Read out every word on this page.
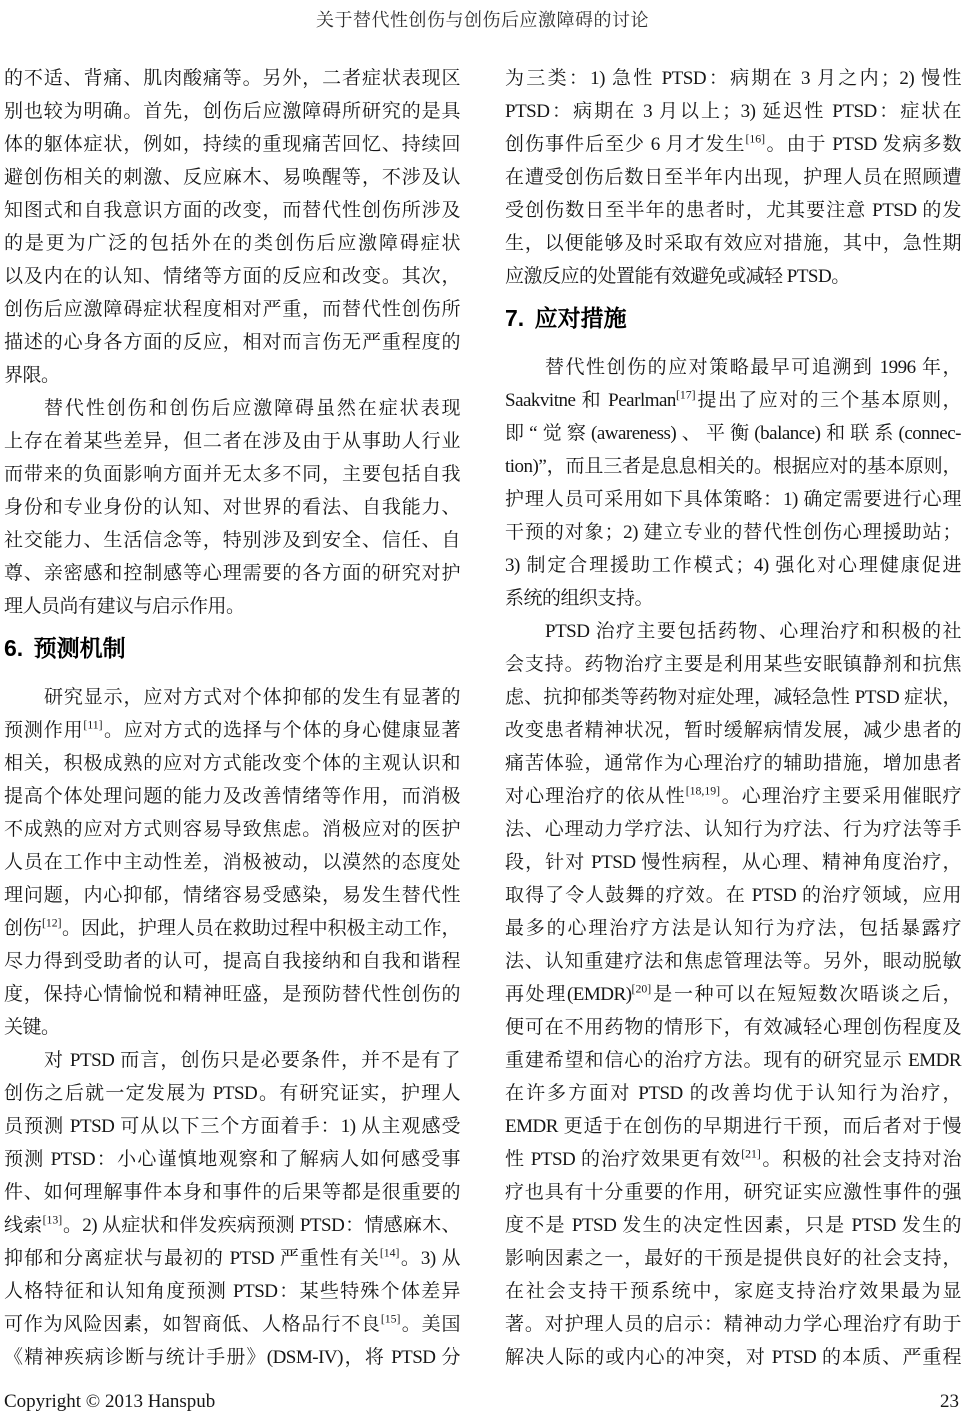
关于替代性创伤与创伤后应激障碍的讨论
的不适、背痛、肌肉酸痛等。另外，二者症状表现区
别也较为明确。首先，创伤后应激障碍所研究的是具
体的躯体症状，例如，持续的重现痛苦回忆、持续回
避创伤相关的刺激、反应麻木、易唤醒等，不涉及认
知图式和自我意识方面的改变，而替代性创伤所涉及
的是更为广泛的包括外在的类创伤后应激障碍症状
以及内在的认知、情绪等方面的反应和改变。其次，
创伤后应激障碍症状程度相对严重，而替代性创伤所
描述的心身各方面的反应，相对而言伤无严重程度的
界限。
替代性创伤和创伤后应激障碍虽然在症状表现
上存在着某些差异，但二者在涉及由于从事助人行业
而带来的负面影响方面并无太多不同，主要包括自我
身份和专业身份的认知、对世界的看法、自我能力、
社交能力、生活信念等，特别涉及到安全、信任、自
尊、亲密感和控制感等心理需要的各方面的研究对护
理人员尚有建议与启示作用。
6. 预测机制
研究显示，应对方式对个体抑郁的发生有显著的
预测作用[11]。应对方式的选择与个体的身心健康显著
相关，积极成熟的应对方式能改变个体的主观认识和
提高个体处理问题的能力及改善情绪等作用，而消极
不成熟的应对方式则容易导致焦虑。消极应对的医护
人员在工作中主动性差，消极被动，以漠然的态度处
理问题，内心抑郁，情绪容易受感染，易发生替代性
创伤[12]。因此，护理人员在救助过程中积极主动工作，
尽力得到受助者的认可，提高自我接纳和自我和谐程
度，保持心情愉悦和精神旺盛，是预防替代性创伤的
关键。
对 PTSD 而言，创伤只是必要条件，并不是有了
创伤之后就一定发展为 PTSD。有研究证实，护理人
员预测 PTSD 可从以下三个方面着手：1) 从主观感受
预测 PTSD：小心谨慎地观察和了解病人如何感受事
件、如何理解事件本身和事件的后果等都是很重要的
线索[13]。2) 从症状和伴发疾病预测 PTSD：情感麻木、
抑郁和分离症状与最初的 PTSD 严重性有关[14]。3) 从
人格特征和认知角度预测 PTSD：某些特殊个体差异
可作为风险因素，如智商低、人格品行不良[15]。美国
《精神疾病诊断与统计手册》(DSM-IV)，将 PTSD 分
为三类：1) 急性 PTSD：病期在 3 月之内；2) 慢性
PTSD：病期在 3 月以上；3) 延迟性 PTSD：症状在
创伤事件后至少 6 月才发生[16]。由于 PTSD 发病多数
在遭受创伤后数日至半年内出现，护理人员在照顾遭
受创伤数日至半年的患者时，尤其要注意 PTSD 的发
生，以便能够及时采取有效应对措施，其中，急性期
应激反应的处置能有效避免或减轻 PTSD。
7. 应对措施
替代性创伤的应对策略最早可追溯到 1996 年，
Saakvitne 和 Pearlman[17]提出了应对的三个基本原则，
即“觉察(awareness)、平衡(balance)和联系(connec-
tion)”，而且三者是息息相关的。根据应对的基本原则，
护理人员可采用如下具体策略：1) 确定需要进行心理
干预的对象；2) 建立专业的替代性创伤心理援助站；
3) 制定合理援助工作模式；4) 强化对心理健康促进
系统的组织支持。
PTSD 治疗主要包括药物、心理治疗和积极的社
会支持。药物治疗主要是利用某些安眠镇静剂和抗焦
虑、抗抑郁类等药物对症处理，减轻急性 PTSD 症状，
改变患者精神状况，暂时缓解病情发展，减少患者的
痛苦体验，通常作为心理治疗的辅助措施，增加患者
对心理治疗的依从性[18,19]。心理治疗主要采用催眠疗
法、心理动力学疗法、认知行为疗法、行为疗法等手
段，针对 PTSD 慢性病程，从心理、精神角度治疗，
取得了令人鼓舞的疗效。在 PTSD 的治疗领域，应用
最多的心理治疗方法是认知行为疗法，包括暴露疗
法、认知重建疗法和焦虑管理法等。另外，眼动脱敏
再处理(EMDR)[20]是一种可以在短短数次晤谈之后，
便可在不用药物的情形下，有效减轻心理创伤程度及
重建希望和信心的治疗方法。现有的研究显示 EMDR
在许多方面对 PTSD 的改善均优于认知行为治疗，
EMDR 更适于在创伤的早期进行干预，而后者对于慢
性 PTSD 的治疗效果更有效[21]。积极的社会支持对治
疗也具有十分重要的作用，研究证实应激性事件的强
度不是 PTSD 发生的决定性因素，只是 PTSD 发生的
影响因素之一，最好的干预是提供良好的社会支持，
在社会支持干预系统中，家庭支持治疗效果最为显
著。对护理人员的启示：精神动力学心理治疗有助于
解决人际的或内心的冲突，对 PTSD 的本质、严重程
Copyright © 2013 Hanspub	23
